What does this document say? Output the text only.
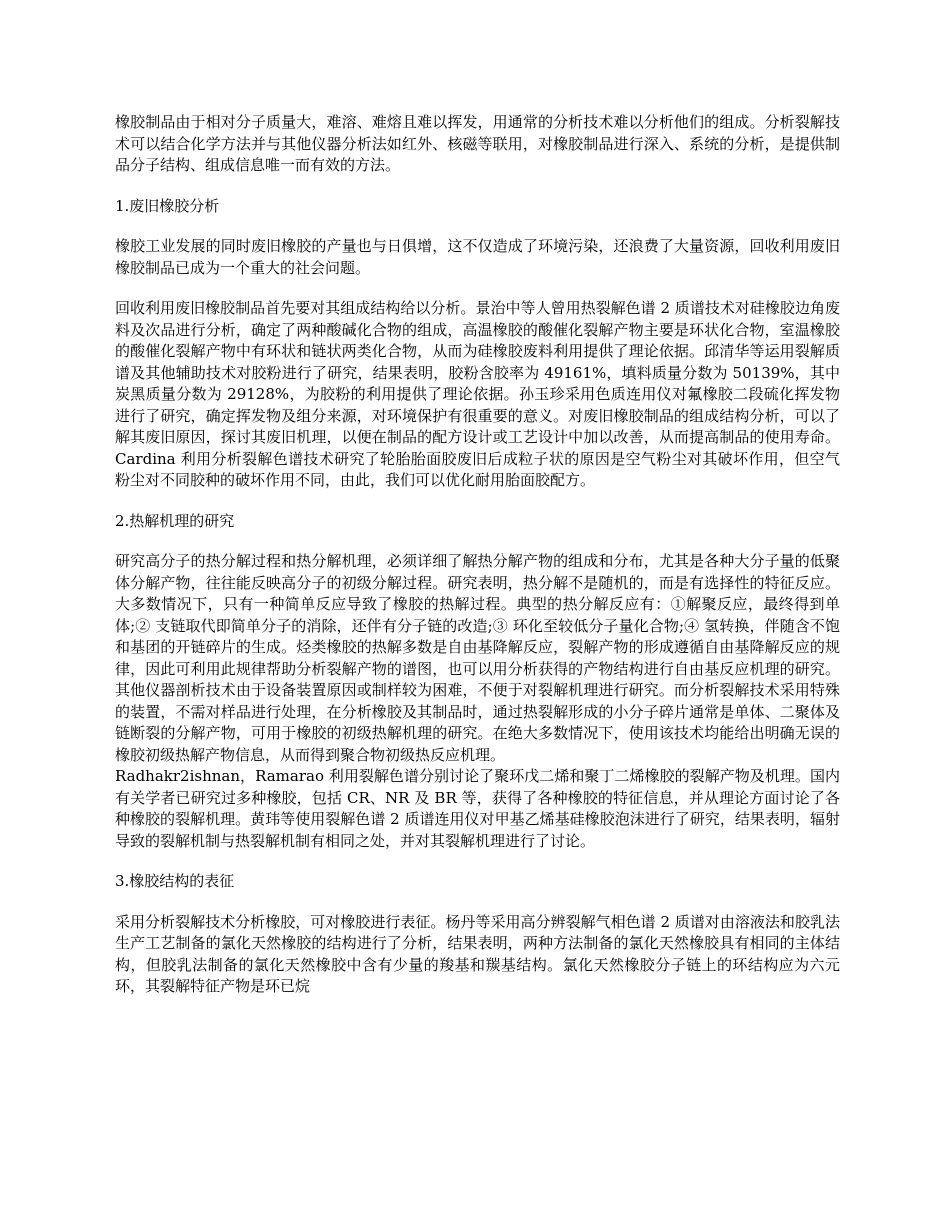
橡胶制品由于相对分子质量大，难溶、难熔且难以挥发，用通常的分析技术难以分析他们的组成。分析裂解技术可以结合化学方法并与其他仪器分析法如红外、核磁等联用，对橡胶制品进行深入、系统的分析，是提供制品分子结构、组成信息唯一而有效的方法。

1.废旧橡胶分析

橡胶工业发展的同时废旧橡胶的产量也与日俱增，这不仅造成了环境污染，还浪费了大量资源，回收利用废旧橡胶制品已成为一个重大的社会问题。

回收利用废旧橡胶制品首先要对其组成结构给以分析。景治中等人曾用热裂解色谱 2 质谱技术对硅橡胶边角废料及次品进行分析，确定了两种酸碱化合物的组成，高温橡胶的酸催化裂解产物主要是环状化合物，室温橡胶的酸催化裂解产物中有环状和链状两类化合物，从而为硅橡胶废料利用提供了理论依据。邱清华等运用裂解质谱及其他辅助技术对胶粉进行了研究，结果表明，胶粉含胶率为 49161%，填料质量分数为 50139%，其中炭黑质量分数为 29128%，为胶粉的利用提供了理论依据。孙玉珍采用色质连用仪对氟橡胶二段硫化挥发物进行了研究，确定挥发物及组分来源，对环境保护有很重要的意义。对废旧橡胶制品的组成结构分析，可以了解其废旧原因，探讨其废旧机理，以便在制品的配方设计或工艺设计中加以改善，从而提高制品的使用寿命。Cardina 利用分析裂解色谱技术研究了轮胎胎面胶废旧后成粒子状的原因是空气粉尘对其破坏作用，但空气粉尘对不同胶种的破坏作用不同，由此，我们可以优化耐用胎面胶配方。

2.热解机理的研究

研究高分子的热分解过程和热分解机理，必须详细了解热分解产物的组成和分布，尤其是各种大分子量的低聚体分解产物，往往能反映高分子的初级分解过程。研究表明，热分解不是随机的，而是有选择性的特征反应。大多数情况下，只有一种简单反应导致了橡胶的热解过程。典型的热分解反应有：①解聚反应，最终得到单体;② 支链取代即简单分子的消除，还伴有分子链的改造;③ 环化至较低分子量化合物;④ 氢转换，伴随含不饱和基团的开链碎片的生成。烃类橡胶的热解多数是自由基降解反应，裂解产物的形成遵循自由基降解反应的规律，因此可利用此规律帮助分析裂解产物的谱图，也可以用分析获得的产物结构进行自由基反应机理的研究。其他仪器剖析技术由于设备装置原因或制样较为困难，不便于对裂解机理进行研究。而分析裂解技术采用特殊的装置，不需对样品进行处理，在分析橡胶及其制品时，通过热裂解形成的小分子碎片通常是单体、二聚体及链断裂的分解产物，可用于橡胶的初级热解机理的研究。在绝大多数情况下，使用该技术均能给出明确无误的橡胶初级热解产物信息，从而得到聚合物初级热反应机理。

Radhakr2ishnan，Ramarao 利用裂解色谱分别讨论了聚环戊二烯和聚丁二烯橡胶的裂解产物及机理。国内有关学者已研究过多种橡胶，包括 CR、NR 及 BR 等，获得了各种橡胶的特征信息，并从理论方面讨论了各种橡胶的裂解机理。黄玮等使用裂解色谱 2 质谱连用仪对甲基乙烯基硅橡胶泡沫进行了研究，结果表明，辐射导致的裂解机制与热裂解机制有相同之处，并对其裂解机理进行了讨论。

3.橡胶结构的表征

采用分析裂解技术分析橡胶，可对橡胶进行表征。杨丹等采用高分辨裂解气相色谱 2 质谱对由溶液法和胶乳法生产工艺制备的氯化天然橡胶的结构进行了分析，结果表明，两种方法制备的氯化天然橡胶具有相同的主体结构，但胶乳法制备的氯化天然橡胶中含有少量的羧基和羰基结构。氯化天然橡胶分子链上的环结构应为六元环，其裂解特征产物是环已烷
